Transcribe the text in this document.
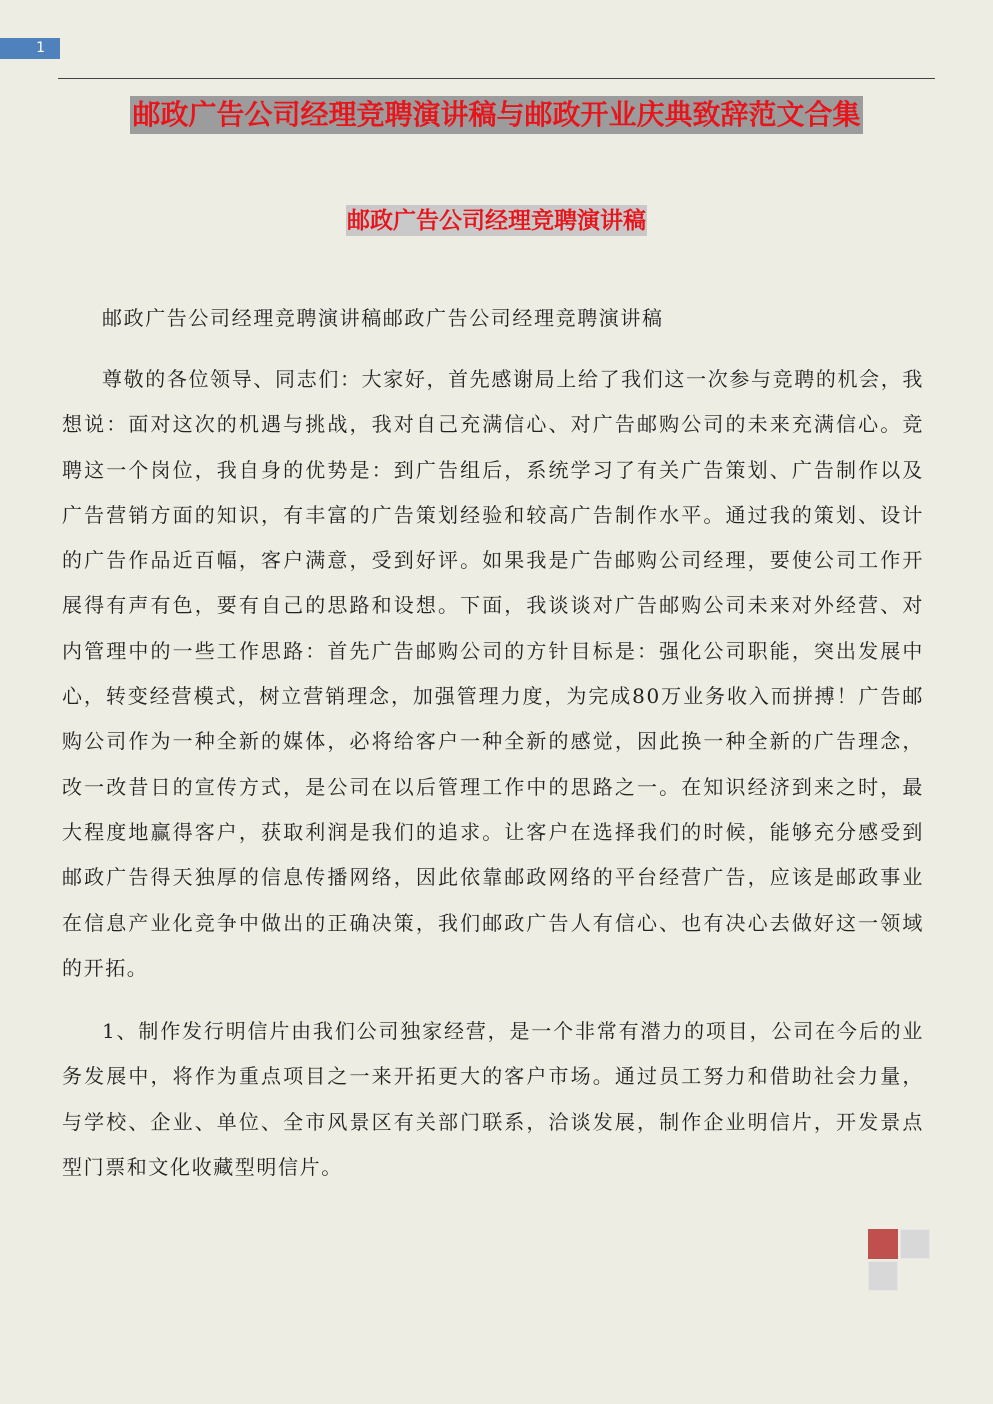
1
邮政广告公司经理竞聘演讲稿与邮政开业庆典致辞范文合集
邮政广告公司经理竞聘演讲稿

邮政广告公司经理竞聘演讲稿邮政广告公司经理竞聘演讲稿

尊敬的各位领导、同志们：大家好，首先感谢局上给了我们这一次参与竞聘的机会，我想说：面对这次的机遇与挑战，我对自己充满信心、对广告邮购公司的未来充满信心。竞聘这一个岗位，我自身的优势是：到广告组后，系统学习了有关广告策划、广告制作以及广告营销方面的知识，有丰富的广告策划经验和较高广告制作水平。通过我的策划、设计的广告作品近百幅，客户满意，受到好评。如果我是广告邮购公司经理，要使公司工作开展得有声有色，要有自己的思路和设想。下面，我谈谈对广告邮购公司未来对外经营、对内管理中的一些工作思路：首先广告邮购公司的方针目标是：强化公司职能，突出发展中心，转变经营模式，树立营销理念，加强管理力度，为完成80万业务收入而拼搏！广告邮购公司作为一种全新的媒体，必将给客户一种全新的感觉，因此换一种全新的广告理念，改一改昔日的宣传方式，是公司在以后管理工作中的思路之一。在知识经济到来之时，最大程度地赢得客户，获取利润是我们的追求。让客户在选择我们的时候，能够充分感受到邮政广告得天独厚的信息传播网络，因此依靠邮政网络的平台经营广告，应该是邮政事业在信息产业化竞争中做出的正确决策，我们邮政广告人有信心、也有决心去做好这一领域的开拓。

1、制作发行明信片由我们公司独家经营，是一个非常有潜力的项目，公司在今后的业务发展中，将作为重点项目之一来开拓更大的客户市场。通过员工努力和借助社会力量，与学校、企业、单位、全市风景区有关部门联系，洽谈发展，制作企业明信片，开发景点型门票和文化收藏型明信片。
